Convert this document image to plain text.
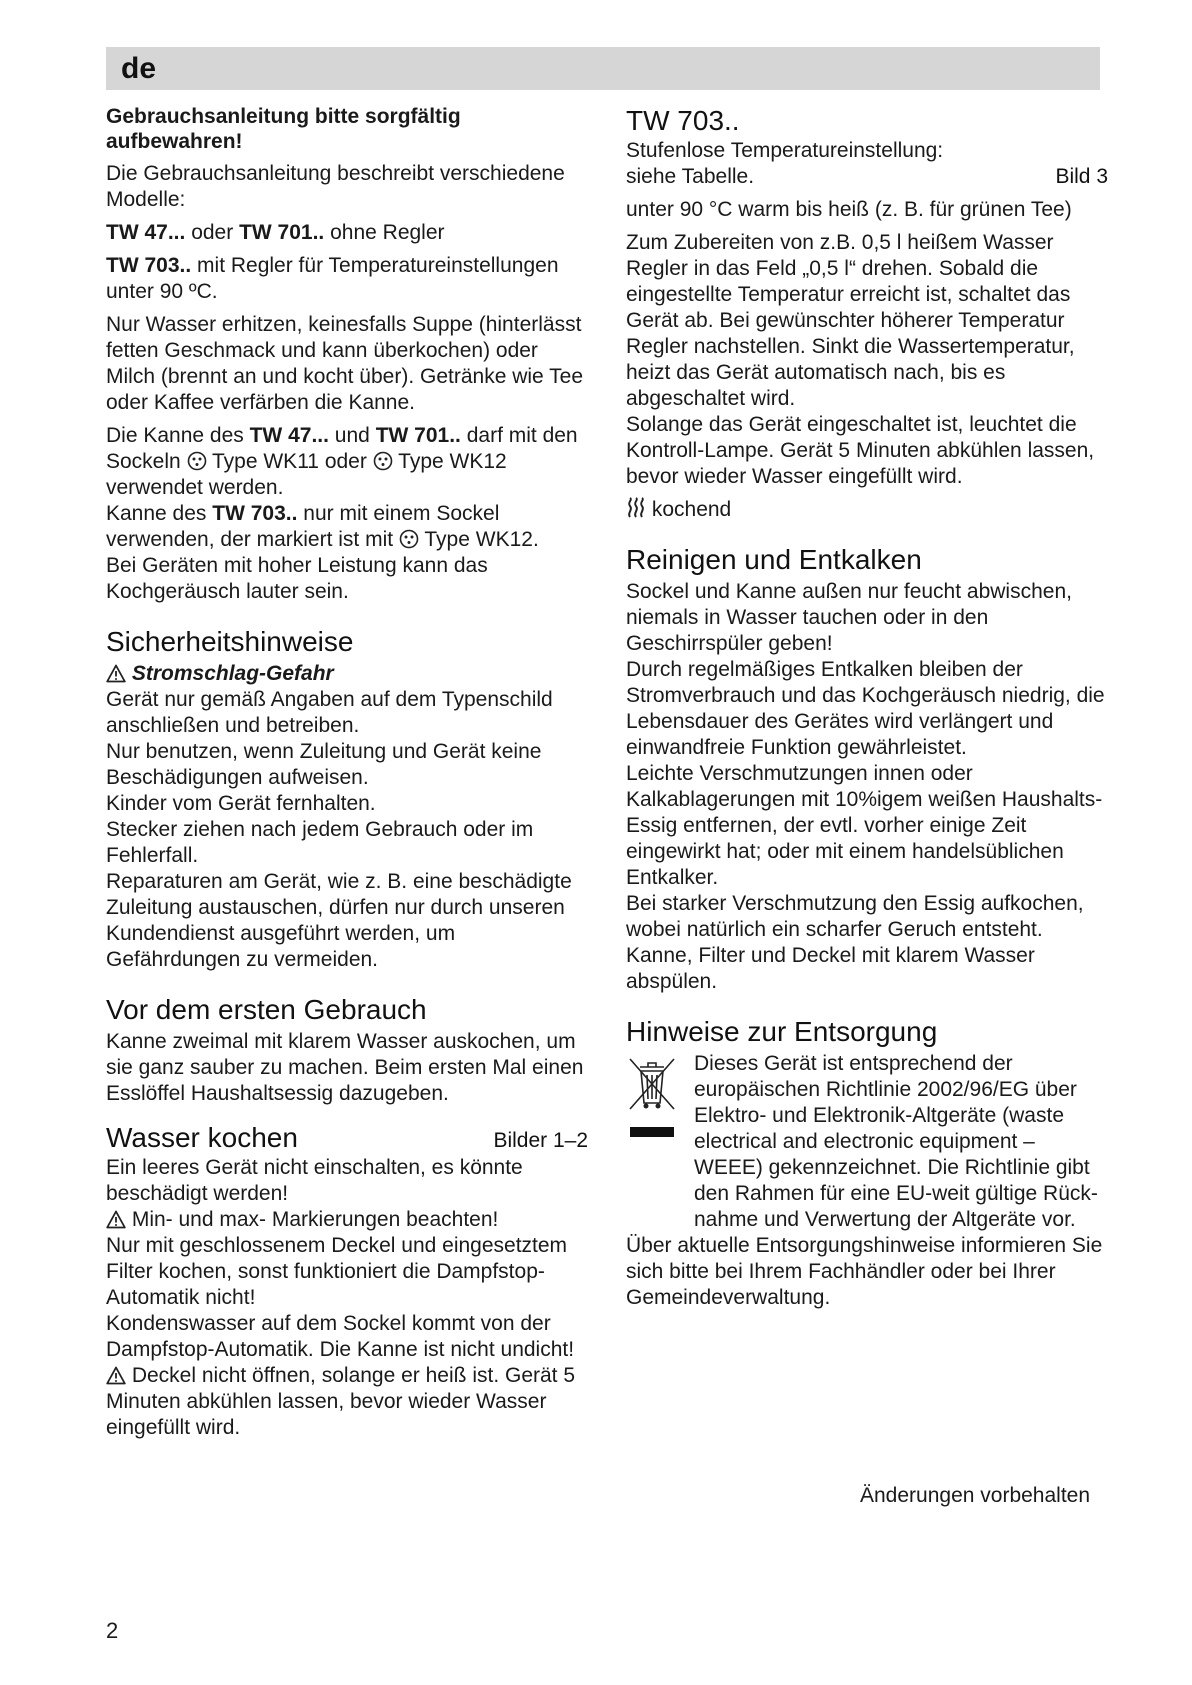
de

Gebrauchsanleitung bitte sorgfältig aufbewahren!

Die Gebrauchsanleitung beschreibt verschiedene Modelle:

TW 47... oder TW 701.. ohne Regler

TW 703.. mit Regler für Temperatureinstellungen unter 90 ºC.

Nur Wasser erhitzen, keinesfalls Suppe (hinterlässt fetten Geschmack und kann überkochen) oder Milch (brennt an und kocht über). Getränke wie Tee oder Kaffee verfärben die Kanne.

Die Kanne des TW 47... und TW 701.. darf mit den Sockeln  Type WK11 oder  Type WK12 verwendet werden.

Kanne des TW 703.. nur mit einem Sockel verwenden, der markiert ist mit  Type WK12.

Bei Geräten mit hoher Leistung kann das Kochgeräusch lauter sein.

Sicherheitshinweise
Stromschlag-Gefahr
Gerät nur gemäß Angaben auf dem Typenschild anschließen und betreiben.
Nur benutzen, wenn Zuleitung und Gerät keine Beschädigungen aufweisen.
Kinder vom Gerät fernhalten.
Stecker ziehen nach jedem Gebrauch oder im Fehlerfall.
Reparaturen am Gerät, wie z. B. eine beschädigte Zuleitung austauschen, dürfen nur durch unseren Kundendienst ausgeführt werden, um Gefährdungen zu vermeiden.
Vor dem ersten Gebrauch
Kanne zweimal mit klarem Wasser auskochen, um sie ganz sauber zu machen. Beim ersten Mal einen Esslöffel Haushaltsessig dazugeben.
Wasser kochen	Bilder 1–2
Ein leeres Gerät nicht einschalten, es könnte beschädigt werden!
Min- und max- Markierungen beachten!
Nur mit geschlossenem Deckel und eingesetztem Filter kochen, sonst funktioniert die Dampfstop-Automatik nicht!
Kondenswasser auf dem Sockel kommt von der Dampfstop-Automatik. Die Kanne ist nicht undicht!
Deckel nicht öffnen, solange er heiß ist. Gerät 5 Minuten abkühlen lassen, bevor wieder Wasser eingefüllt wird.
TW 703..
Stufenlose Temperatureinstellung:

siehe Tabelle.	Bild 3

unter 90 °C warm bis heiß (z. B. für grünen Tee)

Zum Zubereiten von z.B. 0,5 l heißem Wasser Regler in das Feld „0,5 l“ drehen. Sobald die eingestellte Temperatur erreicht ist, schaltet das Gerät ab. Bei gewünschter höherer Temperatur Regler nachstellen. Sinkt die Wassertemperatur, heizt das Gerät automatisch nach, bis es abgeschaltet wird.

Solange das Gerät eingeschaltet ist, leuchtet die Kontroll-Lampe. Gerät 5 Minuten abkühlen lassen, bevor wieder Wasser eingefüllt wird.

kochend
Reinigen und Entkalken
Sockel und Kanne außen nur feucht abwischen, niemals in Wasser tauchen oder in den Geschirrspüler geben!
Durch regelmäßiges Entkalken bleiben der Stromverbrauch und das Kochgeräusch niedrig, die Lebensdauer des Gerätes wird verlängert und einwandfreie Funktion gewährleistet.
Leichte Verschmutzungen innen oder Kalkablagerungen mit 10%igem weißen Haushalts-Essig entfernen, der evtl. vorher einige Zeit eingewirkt hat; oder mit einem handelsüblichen Entkalker.
Bei starker Verschmutzung den Essig aufkochen, wobei natürlich ein scharfer Geruch entsteht.
Kanne, Filter und Deckel mit klarem Wasser abspülen.
Hinweise zur Entsorgung
Dieses Gerät ist entsprechend der europäischen Richtlinie 2002/96/EG über Elektro- und Elektronik-Altgeräte (waste electrical and electronic equipment – WEEE) gekennzeichnet. Die Richtlinie gibt den Rahmen für eine EU-weit gültige Rück- nahme und Verwertung der Altgeräte vor.
Über aktuelle Entsorgungshinweise informieren Sie sich bitte bei Ihrem Fachhändler oder bei Ihrer Gemeindeverwaltung.
Änderungen vorbehalten
2
